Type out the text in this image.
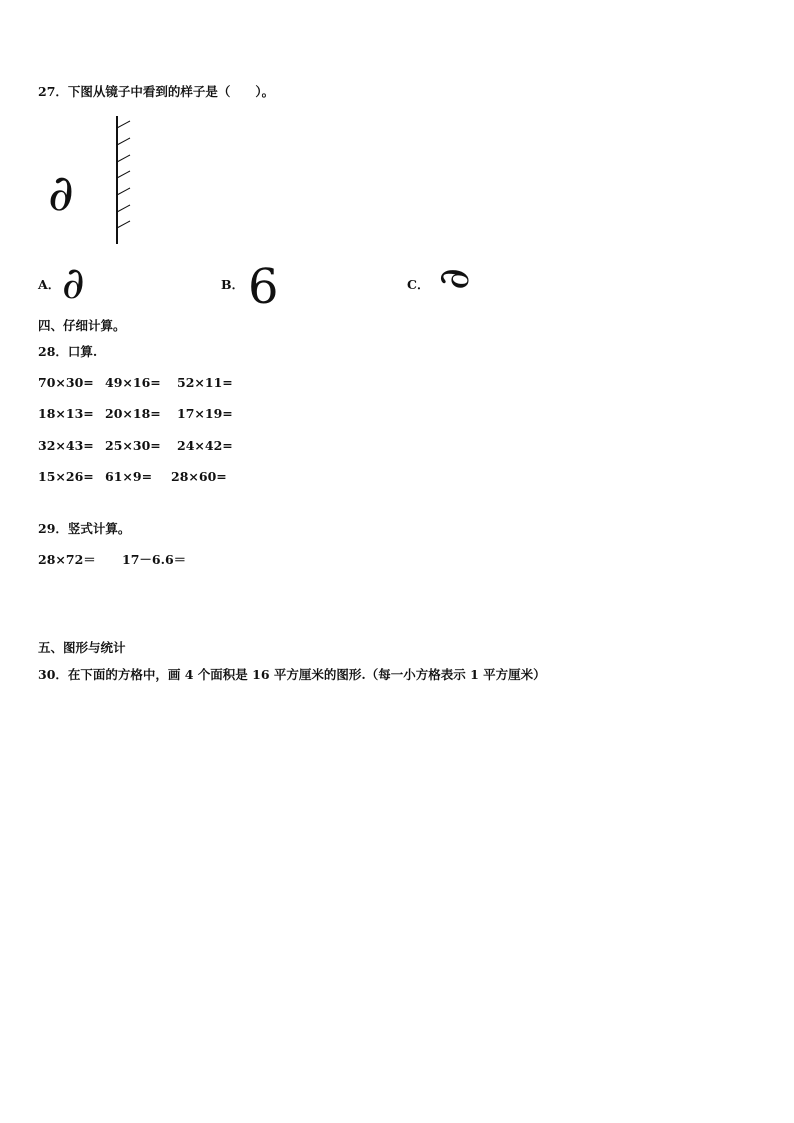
27．下图从镜子中看到的样子是（　　）。
∂
A． ∂	B． 6	C． ∂
四、仔细计算。
28．口算.
70×30= 49×16= 52×11=
18×13= 20×18= 17×19=
32×43= 25×30= 24×42=
15×26= 61×9= 28×60=
29．竖式计算。
28×72＝ 17－6.6＝
五、图形与统计
30．在下面的方格中，画 4 个面积是 16 平方厘米的图形.（每一小方格表示 1 平方厘米）
